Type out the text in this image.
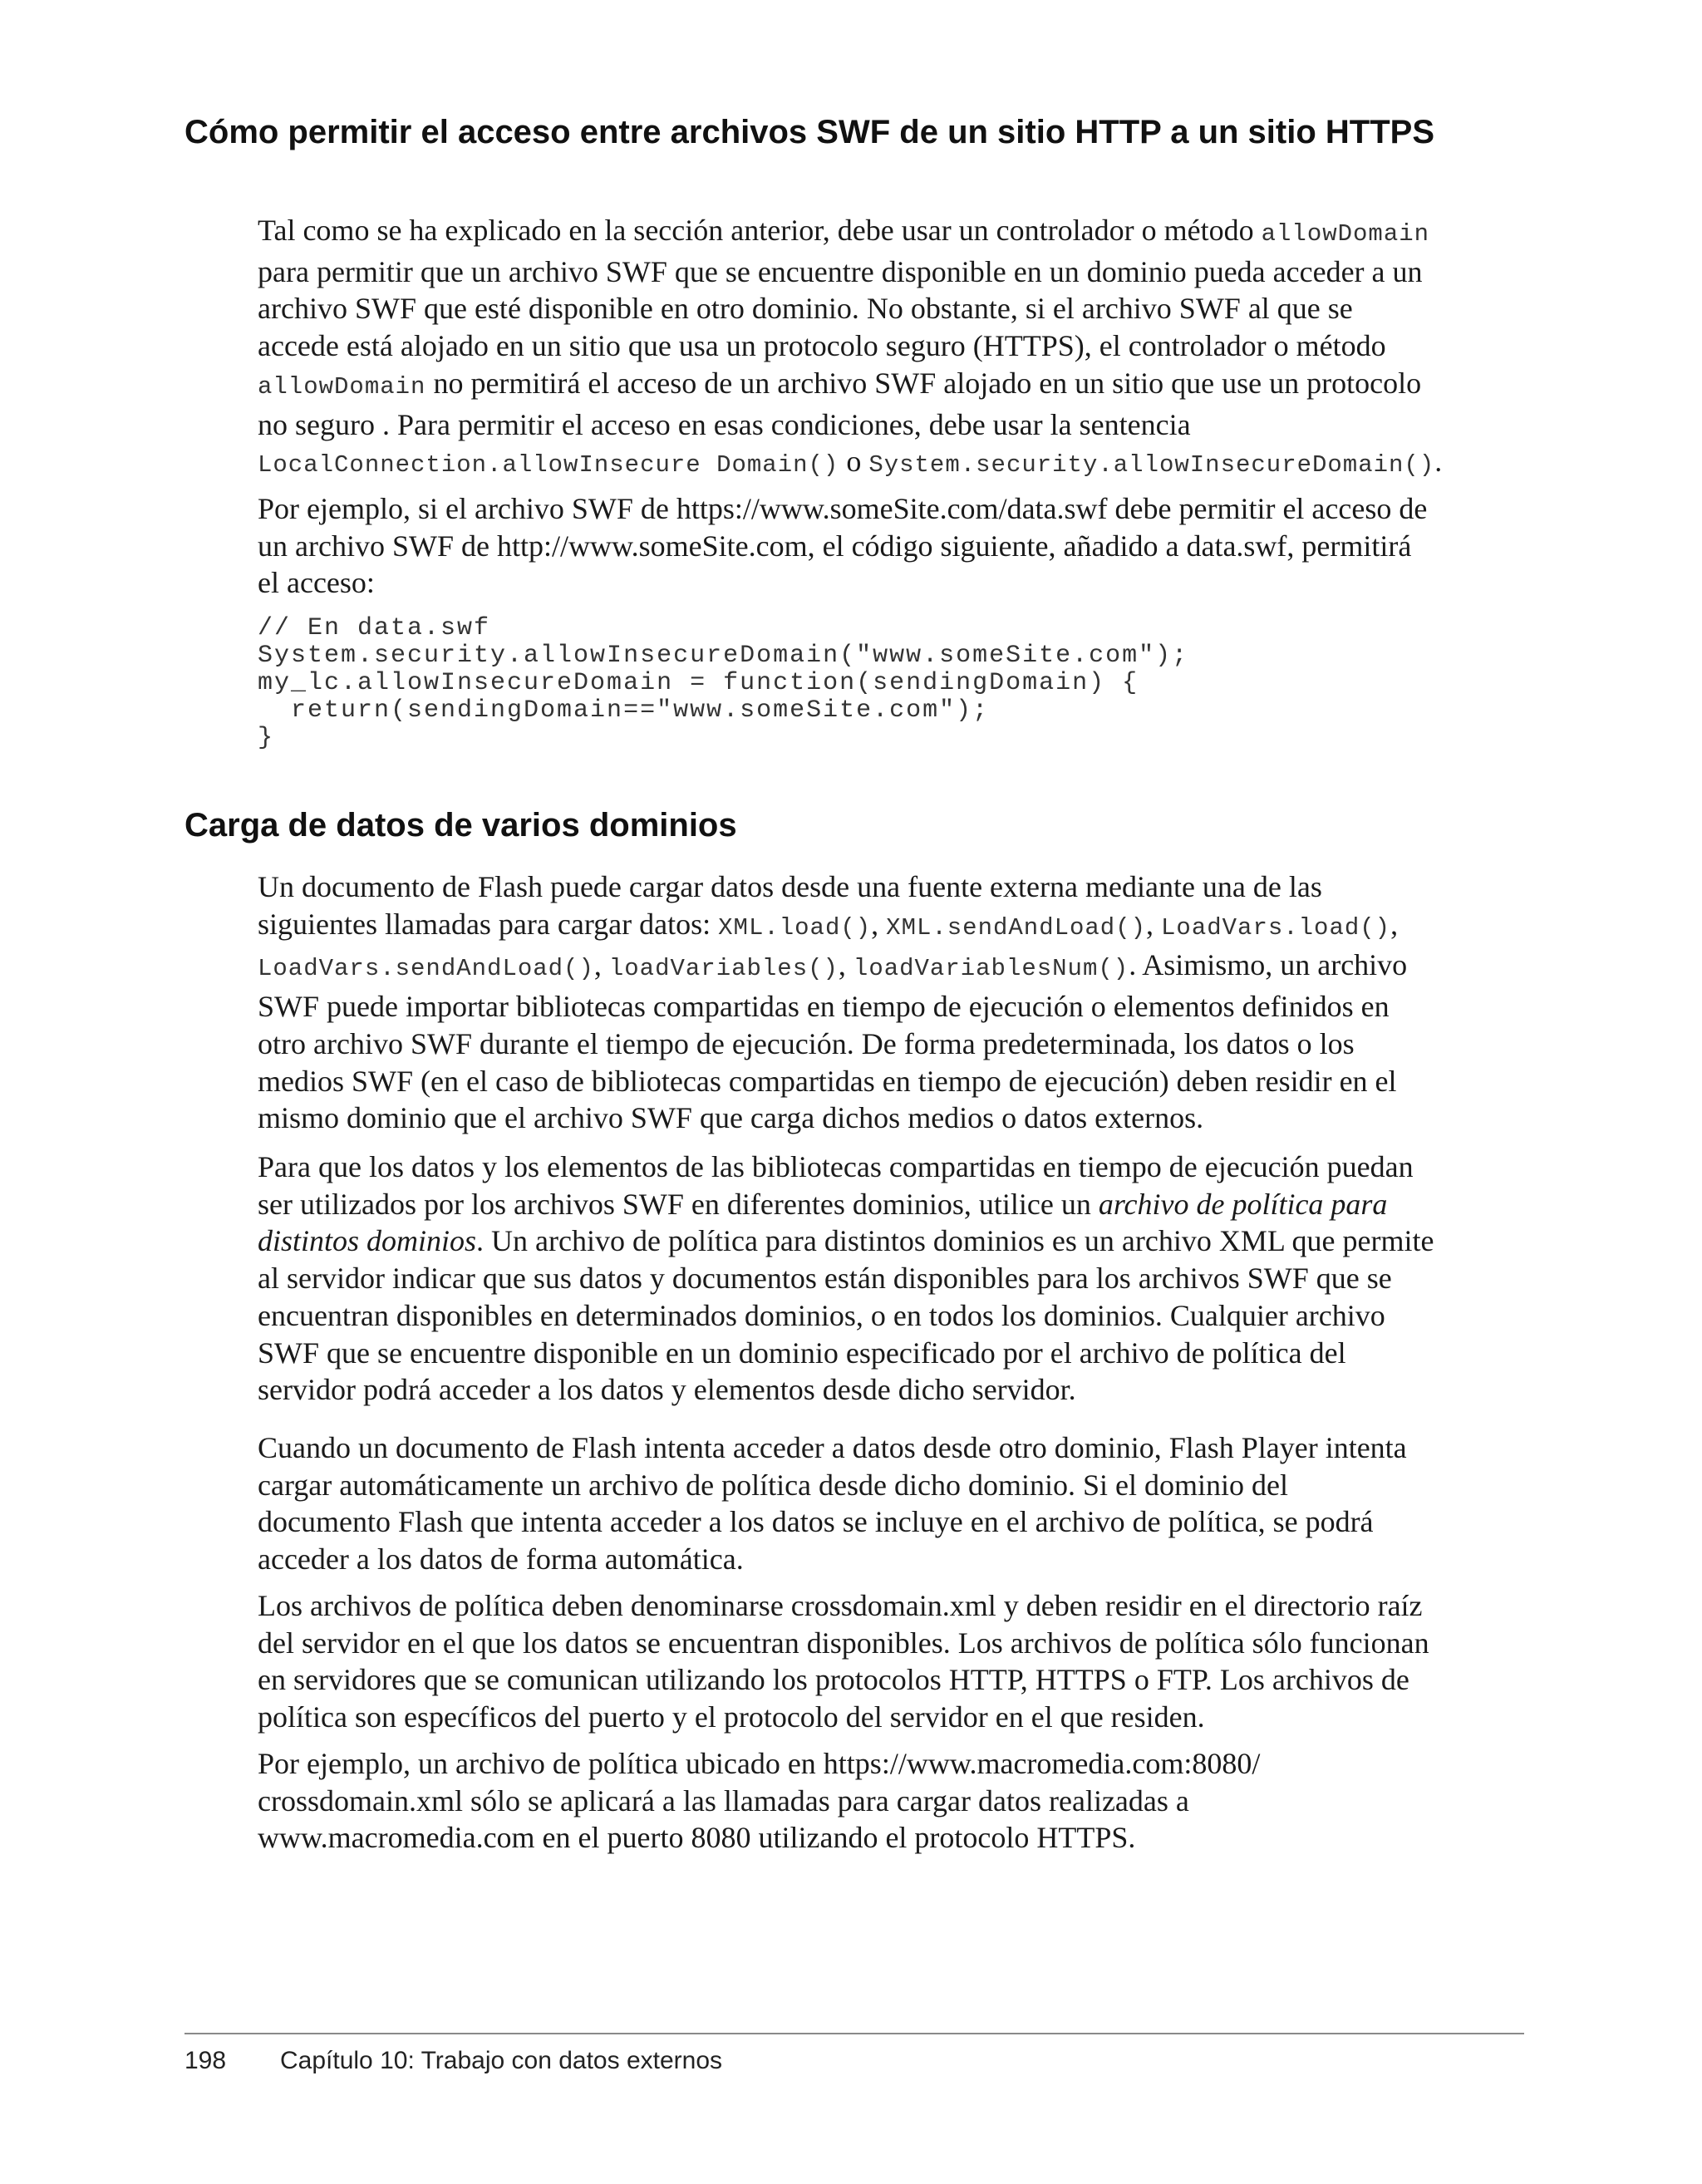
Cómo permitir el acceso entre archivos SWF de un sitio HTTP a un sitio HTTPS

Tal como se ha explicado en la sección anterior, debe usar un controlador o método allowDomain
para permitir que un archivo SWF que se encuentre disponible en un dominio pueda acceder a un
archivo SWF que esté disponible en otro dominio. No obstante, si el archivo SWF al que se
accede está alojado en un sitio que usa un protocolo seguro (HTTPS), el controlador o método
allowDomain no permitirá el acceso de un archivo SWF alojado en un sitio que use un protocolo
no seguro . Para permitir el acceso en esas condiciones, debe usar la sentencia
LocalConnection.allowInsecure Domain() o System.security.allowInsecureDomain().

Por ejemplo, si el archivo SWF de https://www.someSite.com/data.swf debe permitir el acceso de
un archivo SWF de http://www.someSite.com, el código siguiente, añadido a data.swf, permitirá
el acceso:

// En data.swf
System.security.allowInsecureDomain("www.someSite.com");
my_lc.allowInsecureDomain = function(sendingDomain) {
return(sendingDomain=="www.someSite.com");
}
Carga de datos de varios dominios

Un documento de Flash puede cargar datos desde una fuente externa mediante una de las
siguientes llamadas para cargar datos: XML.load(), XML.sendAndLoad(), LoadVars.load(),
LoadVars.sendAndLoad(), loadVariables(), loadVariablesNum(). Asimismo, un archivo
SWF puede importar bibliotecas compartidas en tiempo de ejecución o elementos definidos en
otro archivo SWF durante el tiempo de ejecución. De forma predeterminada, los datos o los
medios SWF (en el caso de bibliotecas compartidas en tiempo de ejecución) deben residir en el
mismo dominio que el archivo SWF que carga dichos medios o datos externos.

Para que los datos y los elementos de las bibliotecas compartidas en tiempo de ejecución puedan
ser utilizados por los archivos SWF en diferentes dominios, utilice un archivo de política para
distintos dominios. Un archivo de política para distintos dominios es un archivo XML que permite
al servidor indicar que sus datos y documentos están disponibles para los archivos SWF que se
encuentran disponibles en determinados dominios, o en todos los dominios. Cualquier archivo
SWF que se encuentre disponible en un dominio especificado por el archivo de política del
servidor podrá acceder a los datos y elementos desde dicho servidor.

Cuando un documento de Flash intenta acceder a datos desde otro dominio, Flash Player intenta
cargar automáticamente un archivo de política desde dicho dominio. Si el dominio del
documento Flash que intenta acceder a los datos se incluye en el archivo de política, se podrá
acceder a los datos de forma automática.

Los archivos de política deben denominarse crossdomain.xml y deben residir en el directorio raíz
del servidor en el que los datos se encuentran disponibles. Los archivos de política sólo funcionan
en servidores que se comunican utilizando los protocolos HTTP, HTTPS o FTP. Los archivos de
política son específicos del puerto y el protocolo del servidor en el que residen.

Por ejemplo, un archivo de política ubicado en https://www.macromedia.com:8080/
crossdomain.xml sólo se aplicará a las llamadas para cargar datos realizadas a
www.macromedia.com en el puerto 8080 utilizando el protocolo HTTPS.

198 Capítulo 10: Trabajo con datos externos
